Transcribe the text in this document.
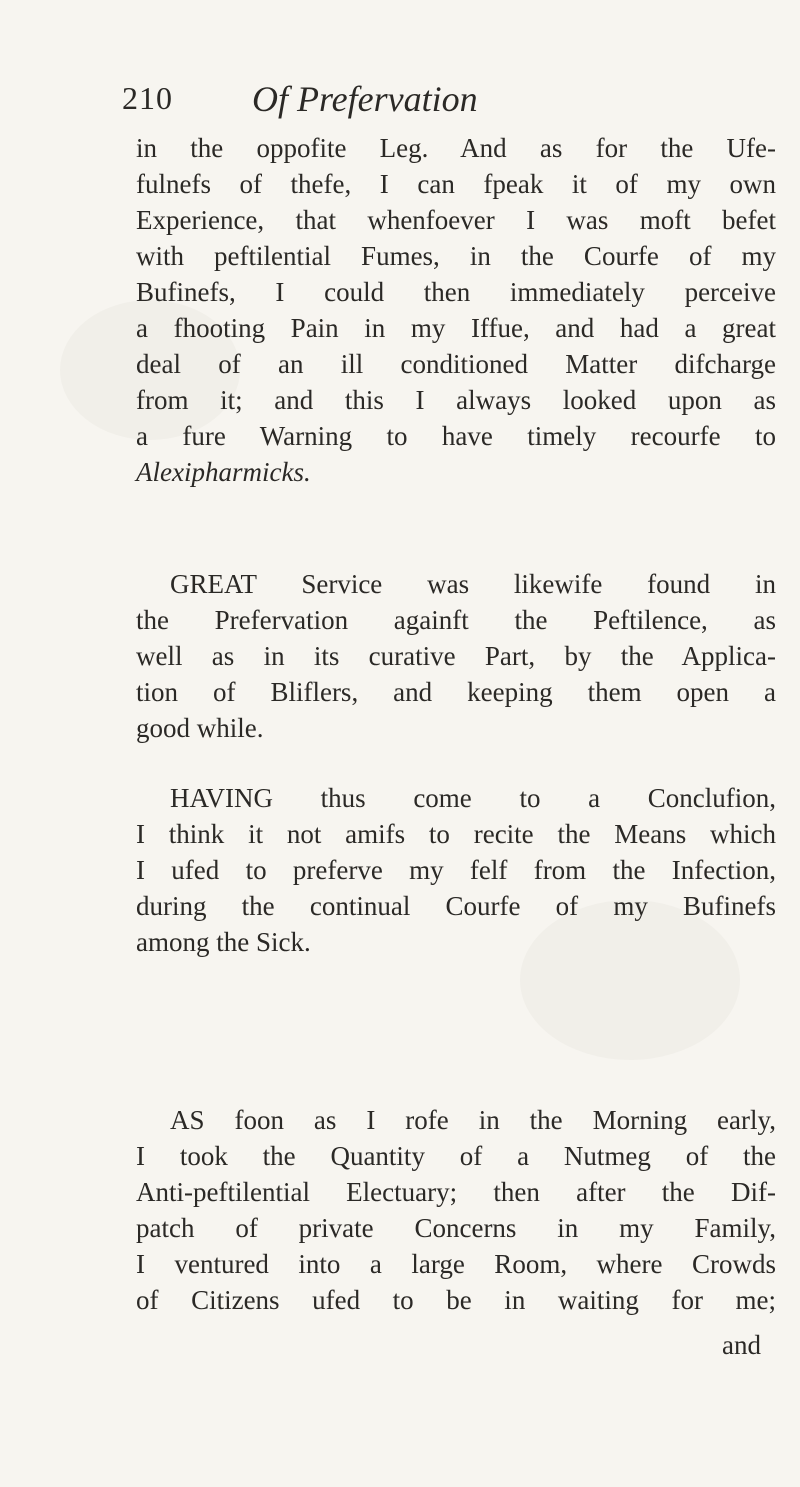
210 Of Prefervation
in the oppofite Leg. And as for the Ufe-
fulnefs of thefe, I can fpeak it of my own
Experience, that whenfoever I was moft befet
with peftilential Fumes, in the Courfe of my
Bufinefs, I could then immediately perceive
a fhooting Pain in my Iffue, and had a great
deal of an ill conditioned Matter difcharge
from it; and this I always looked upon as
a fure Warning to have timely recourfe to
Alexipharmicks.
GREAT Service was likewife found in
the Prefervation againft the Peftilence, as
well as in its curative Part, by the Applica-
tion of Bliflers, and keeping them open a
good while.
HAVING thus come to a Conclufion,
I think it not amifs to recite the Means which
I ufed to preferve my felf from the Infection,
during the continual Courfe of my Bufinefs
among the Sick.
AS foon as I rofe in the Morning early,
I took the Quantity of a Nutmeg of the
Anti-peftilential Electuary; then after the Dif-
patch of private Concerns in my Family,
I ventured into a large Room, where Crowds
of Citizens ufed to be in waiting for me;
and
